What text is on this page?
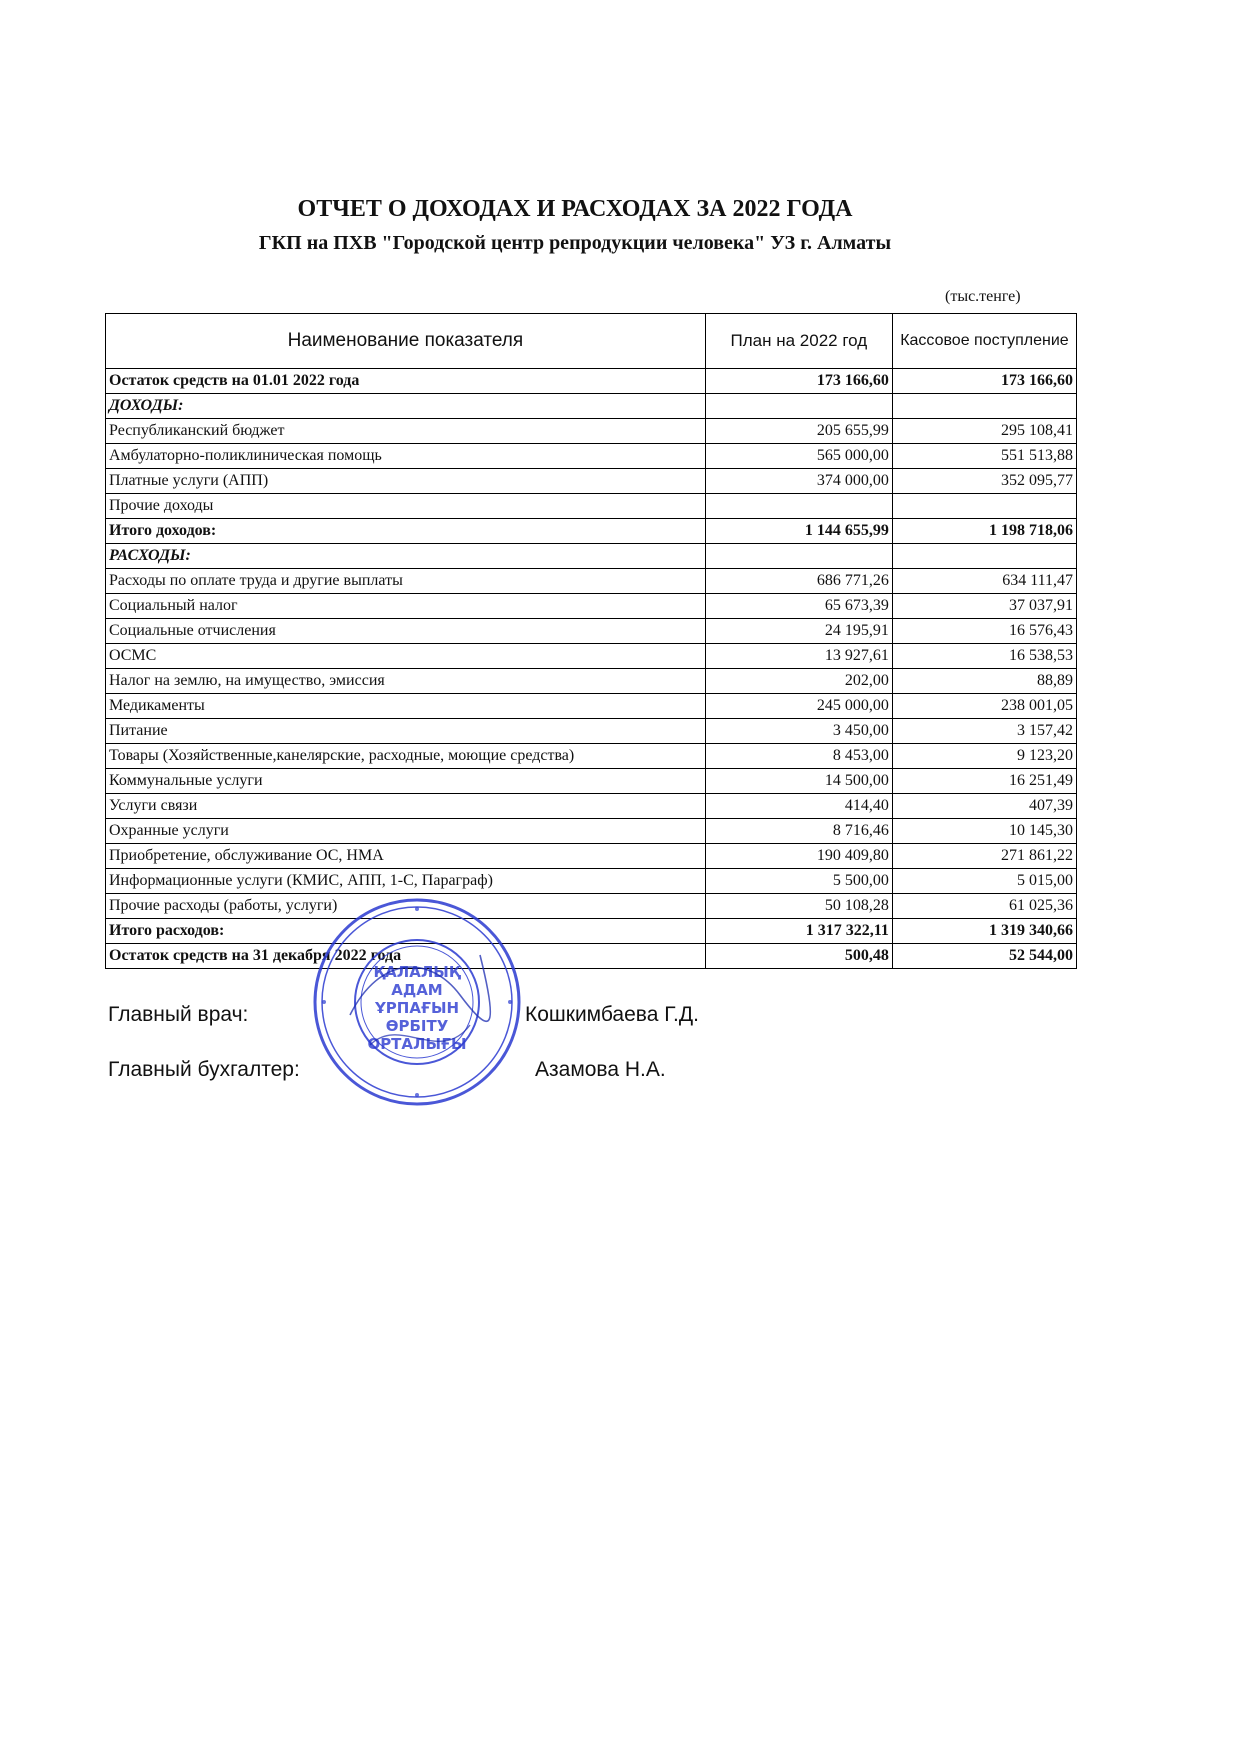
ОТЧЕТ О ДОХОДАХ И РАСХОДАХ ЗА 2022 ГОДА
ГКП на ПХВ "Городской центр репродукции человека" УЗ г. Алматы
(тыс.тенге)
Наименование показателя	План на 2022 год	Кассовое поступление
Остаток средств на 01.01 2022 года	173 166,60	173 166,60
ДОХОДЫ:		
Республиканский бюджет	205 655,99	295 108,41
Амбулаторно-поликлиническая помощь	565 000,00	551 513,88
Платные услуги (АПП)	374 000,00	352 095,77
Прочие доходы		
Итого доходов:	1 144 655,99	1 198 718,06
РАСХОДЫ:		
Расходы по оплате труда и другие выплаты	686 771,26	634 111,47
Социальный налог	65 673,39	37 037,91
Социальные отчисления	24 195,91	16 576,43
ОСМС	13 927,61	16 538,53
Налог на землю, на имущество, эмиссия	202,00	88,89
Медикаменты	245 000,00	238 001,05
Питание	3 450,00	3 157,42
Товары (Хозяйственные,канелярские, расходные, моющие средства)	8 453,00	9 123,20
Коммунальные услуги	14 500,00	16 251,49
Услуги связи	414,40	407,39
Охранные услуги	8 716,46	10 145,30
Приобретение, обслуживание ОС, НМА	190 409,80	271 861,22
Информационные услуги (КМИС, АПП, 1-С, Параграф)	5 500,00	5 015,00
Прочие расходы (работы, услуги)	50 108,28	61 025,36
Итого расходов:	1 317 322,11	1 319 340,66
Остаток средств на 31 декабря 2022 года	500,48	52 544,00
Главный врач:	Кошкимбаева Г.Д.
Главный бухгалтер:	Азамова Н.А.
ҚАЛАЛЫҚ
АДАМ
ҰРПАҒЫН
ӨРБІТУ
ОРТАЛЫҒЫ
